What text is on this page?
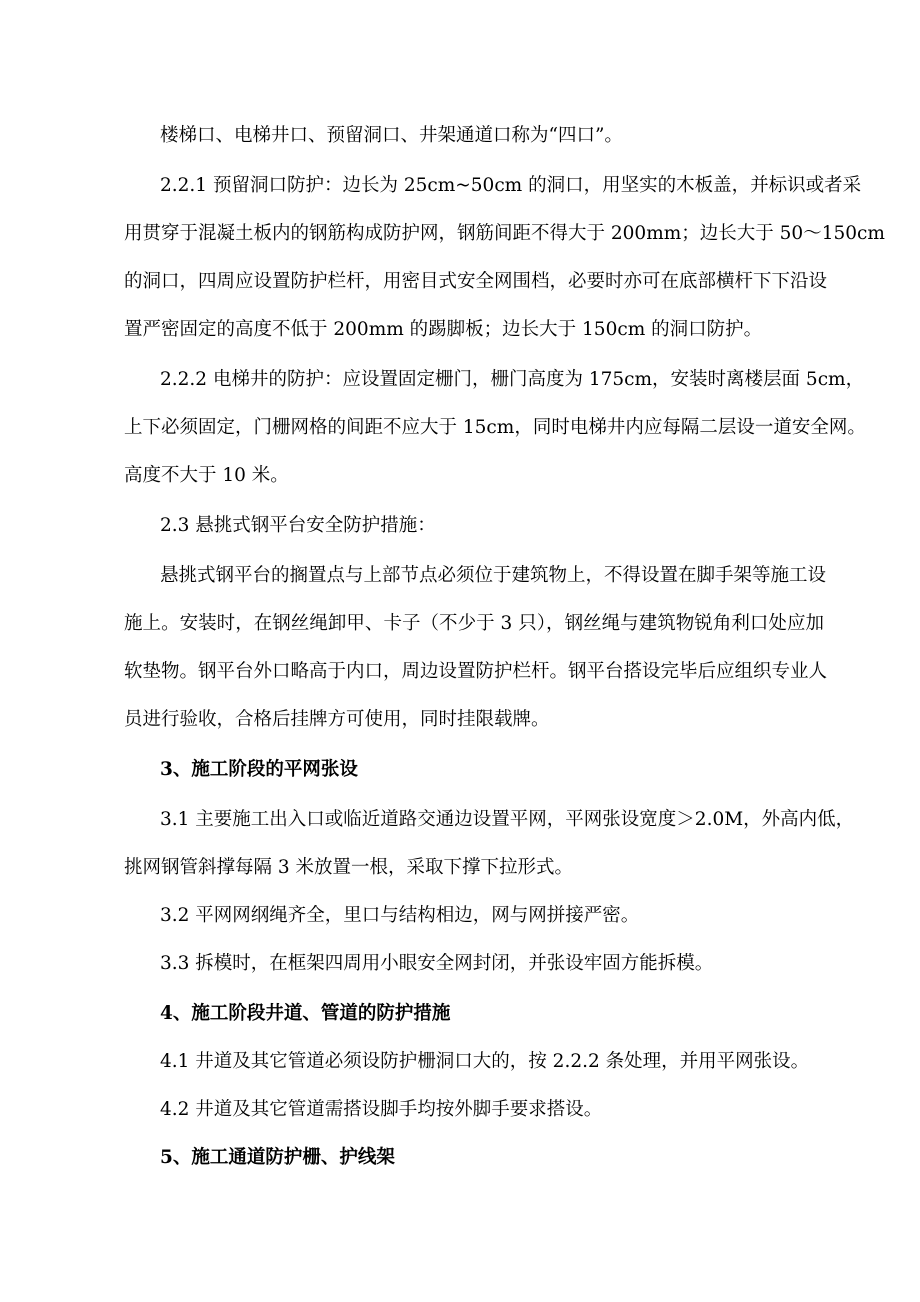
楼梯口、电梯井口、预留洞口、井架通道口称为“四口”。
2.2.1 预留洞口防护：边长为 25cm~50cm 的洞口，用坚实的木板盖，并标识或者采
用贯穿于混凝土板内的钢筋构成防护网，钢筋间距不得大于 200mm；边长大于 50～150cm
的洞口，四周应设置防护栏杆，用密目式安全网围档，必要时亦可在底部横杆下下沿设
置严密固定的高度不低于 200mm 的踢脚板；边长大于 150cm 的洞口防护。
2.2.2 电梯井的防护：应设置固定栅门，栅门高度为 175cm，安装时离楼层面 5cm，
上下必须固定，门栅网格的间距不应大于 15cm，同时电梯井内应每隔二层设一道安全网。
高度不大于 10 米。
2.3 悬挑式钢平台安全防护措施：
悬挑式钢平台的搁置点与上部节点必须位于建筑物上，不得设置在脚手架等施工设
施上。安装时，在钢丝绳卸甲、卡子（不少于 3 只），钢丝绳与建筑物锐角利口处应加
软垫物。钢平台外口略高于内口，周边设置防护栏杆。钢平台搭设完毕后应组织专业人
员进行验收，合格后挂牌方可使用，同时挂限载牌。
3、施工阶段的平网张设
3.1 主要施工出入口或临近道路交通边设置平网，平网张设宽度＞2.0M，外高内低，
挑网钢管斜撑每隔 3 米放置一根，采取下撑下拉形式。
3.2 平网网纲绳齐全，里口与结构相边，网与网拼接严密。
3.3 拆模时，在框架四周用小眼安全网封闭，并张设牢固方能拆模。
4、施工阶段井道、管道的防护措施
4.1 井道及其它管道必须设防护栅洞口大的，按 2.2.2 条处理，并用平网张设。
4.2 井道及其它管道需搭设脚手均按外脚手要求搭设。
5、施工通道防护栅、护线架
